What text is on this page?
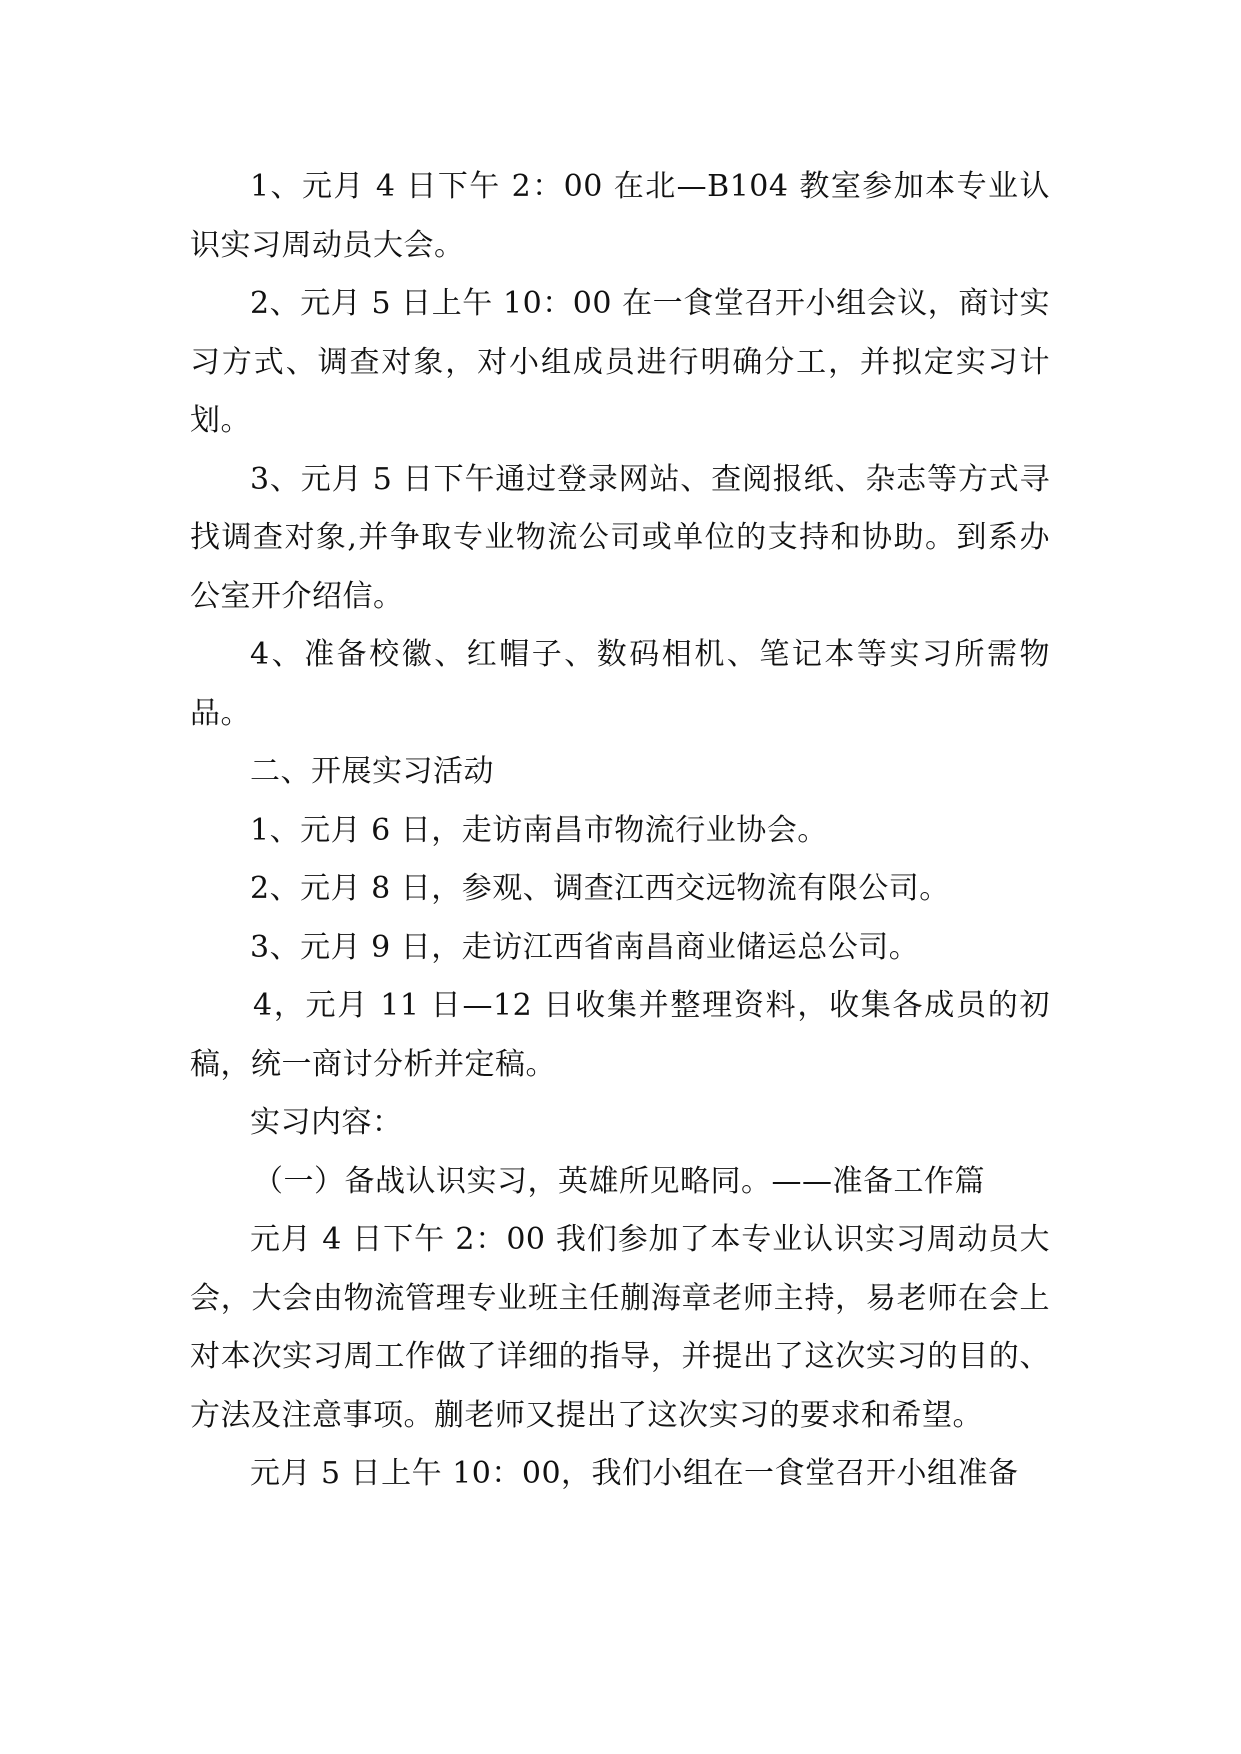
1、元月 4 日下午 2：00 在北—B104 教室参加本专业认识实习周动员大会。

2、元月 5 日上午 10：00 在一食堂召开小组会议，商讨实习方式、调查对象，对小组成员进行明确分工，并拟定实习计划。

3、元月 5 日下午通过登录网站、查阅报纸、杂志等方式寻找调查对象,并争取专业物流公司或单位的支持和协助。到系办公室开介绍信。

4、准备校徽、红帽子、数码相机、笔记本等实习所需物品。

二、开展实习活动

1、元月 6 日，走访南昌市物流行业协会。

2、元月 8 日，参观、调查江西交远物流有限公司。

3、元月 9 日，走访江西省南昌商业储运总公司。

4，元月 11 日—12 日收集并整理资料，收集各成员的初稿，统一商讨分析并定稿。

实习内容：

（一）备战认识实习，英雄所见略同。——准备工作篇

元月 4 日下午 2：00 我们参加了本专业认识实习周动员大会，大会由物流管理专业班主任蒯海章老师主持，易老师在会上对本次实习周工作做了详细的指导，并提出了这次实习的目的、方法及注意事项。蒯老师又提出了这次实习的要求和希望。

元月 5 日上午 10：00，我们小组在一食堂召开小组准备
